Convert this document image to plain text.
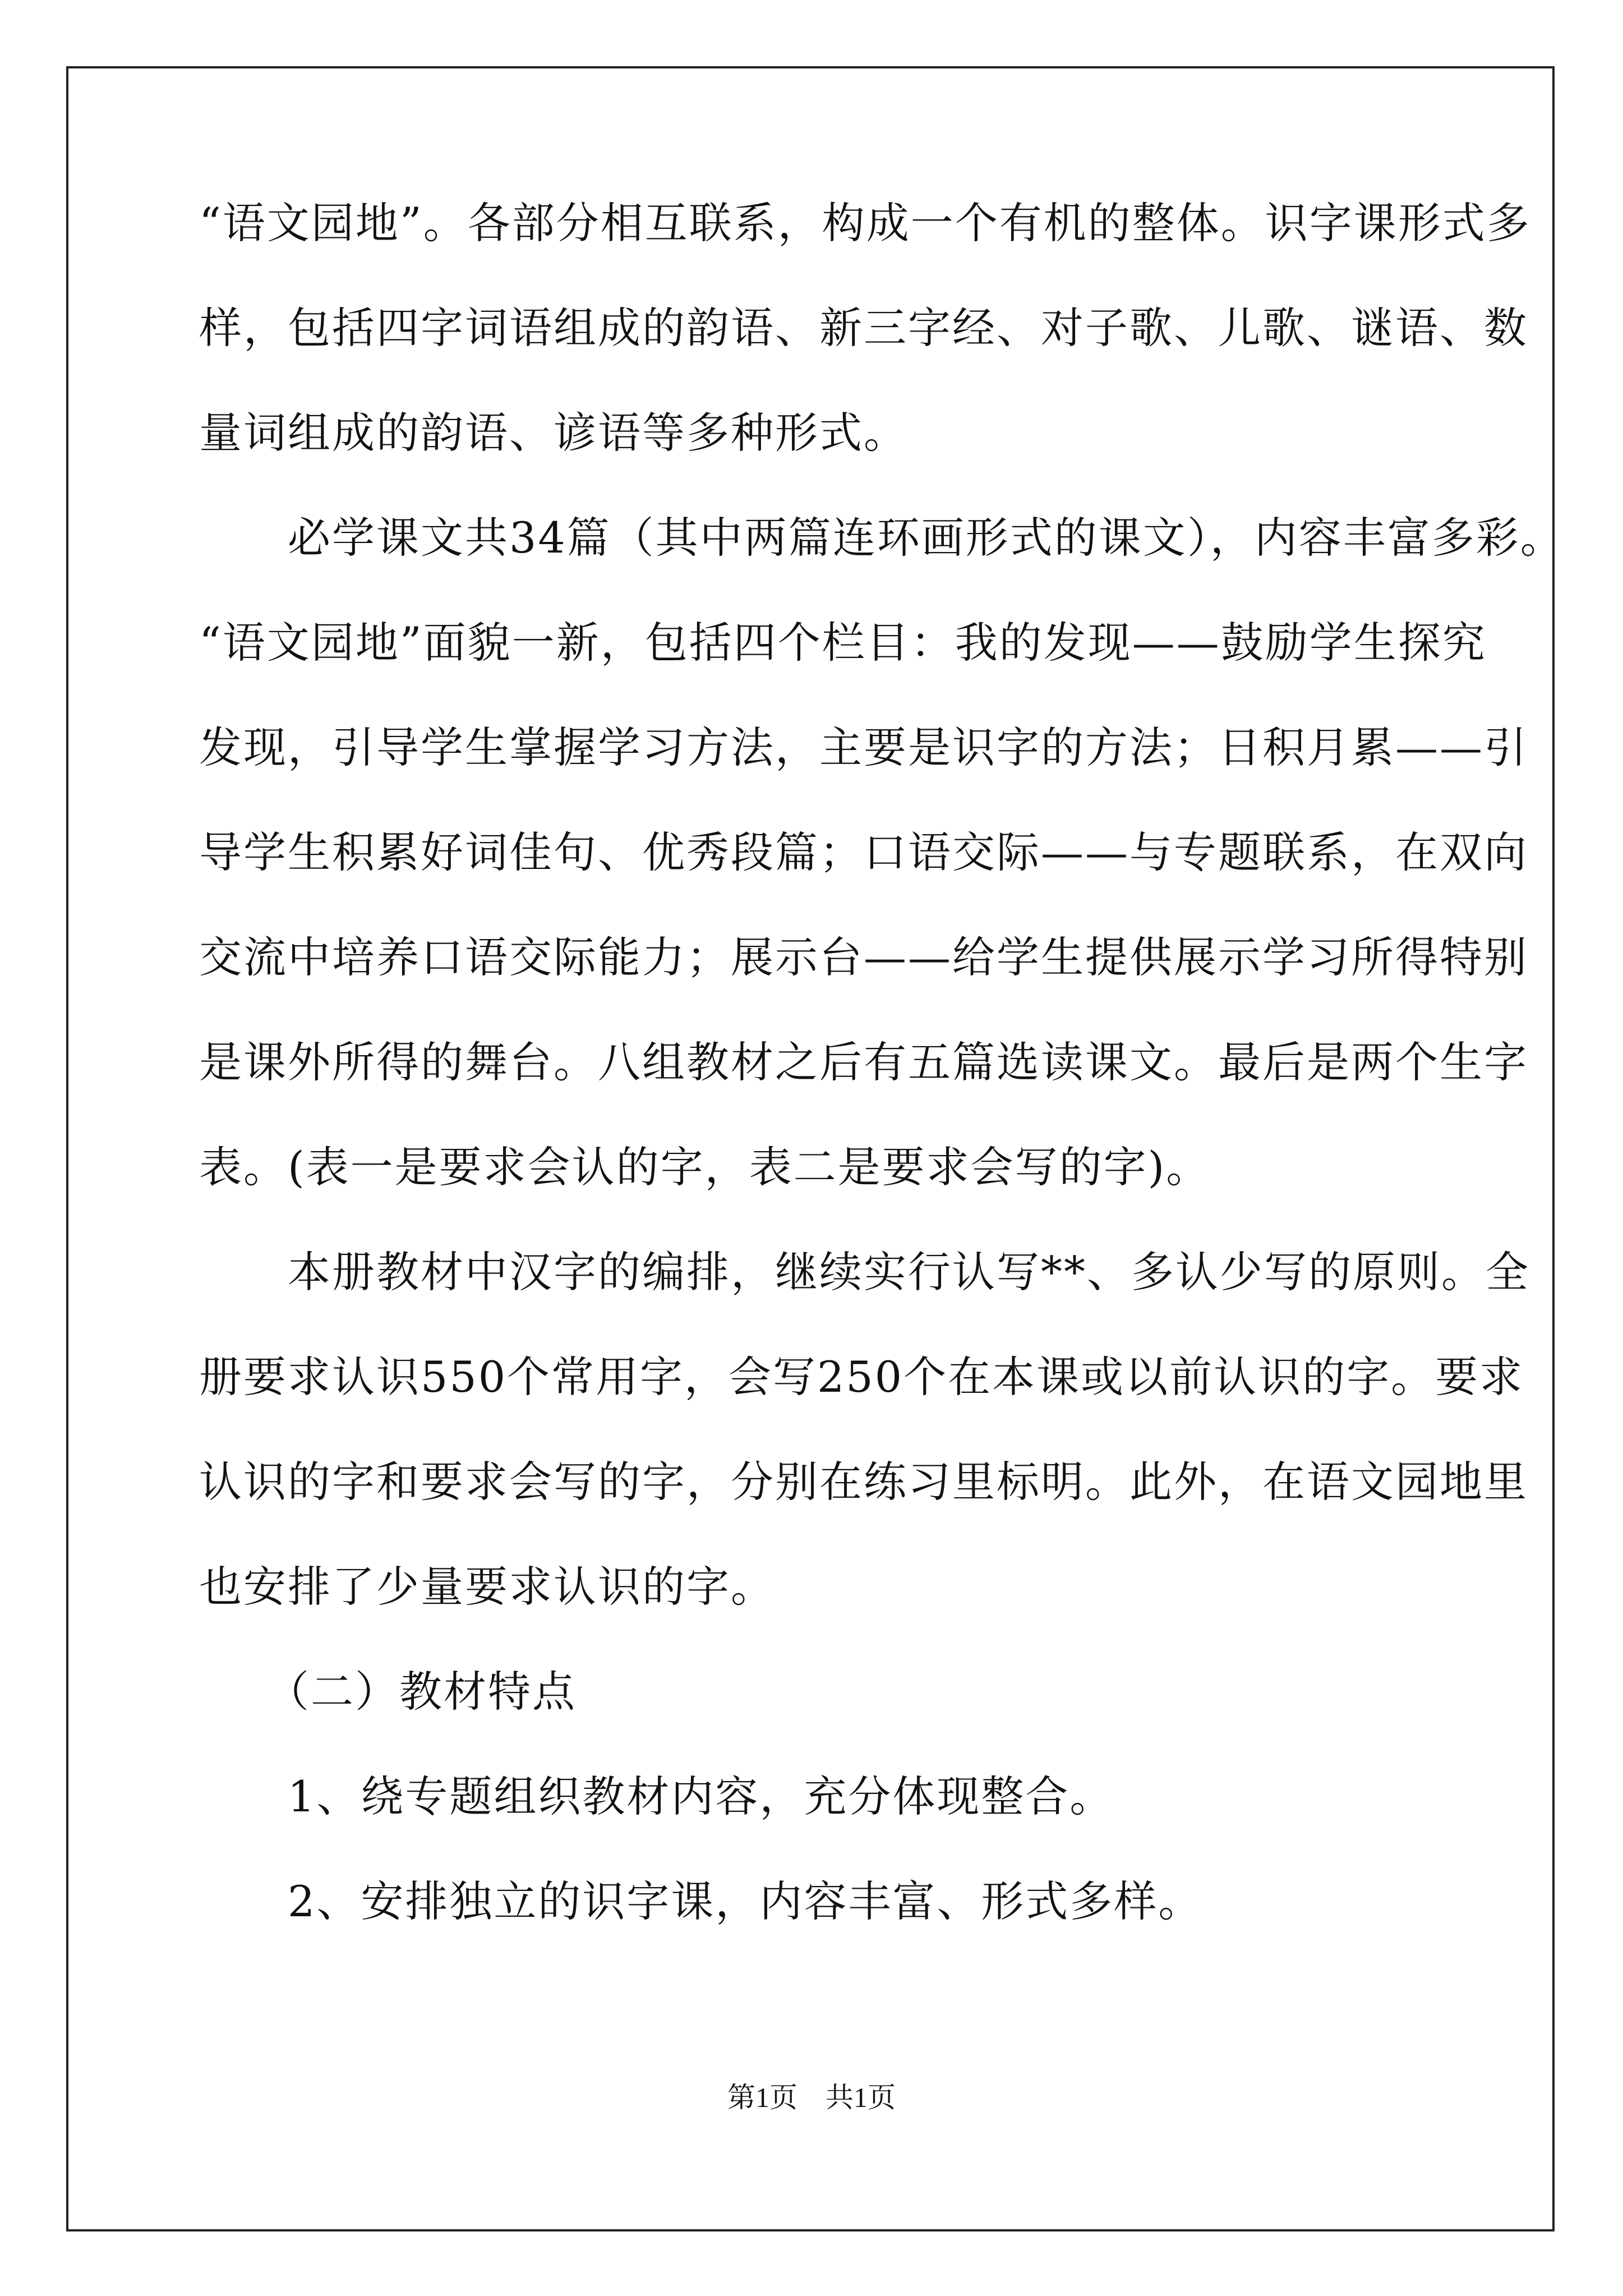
“语文园地”。各部分相互联系，构成一个有机的整体。识字课形式多
样，包括四字词语组成的韵语、新三字经、对子歌、儿歌、谜语、数
量词组成的韵语、谚语等多种形式。
　　必学课文共34篇（其中两篇连环画形式的课文），内容丰富多彩。
“语文园地”面貌一新，包括四个栏目：我的发现——鼓励学生探究
发现，引导学生掌握学习方法，主要是识字的方法；日积月累——引
导学生积累好词佳句、优秀段篇；口语交际——与专题联系，在双向
交流中培养口语交际能力；展示台——给学生提供展示学习所得特别
是课外所得的舞台。八组教材之后有五篇选读课文。最后是两个生字
表。(表一是要求会认的字，表二是要求会写的字)。
　　本册教材中汉字的编排，继续实行认写**、多认少写的原则。全
册要求认识550个常用字，会写250个在本课或以前认识的字。要求
认识的字和要求会写的字，分别在练习里标明。此外，在语文园地里
也安排了少量要求认识的字。
　　（二）教材特点
　　1、绕专题组织教材内容，充分体现整合。
　　2、安排独立的识字课，内容丰富、形式多样。
第1页　共1页
